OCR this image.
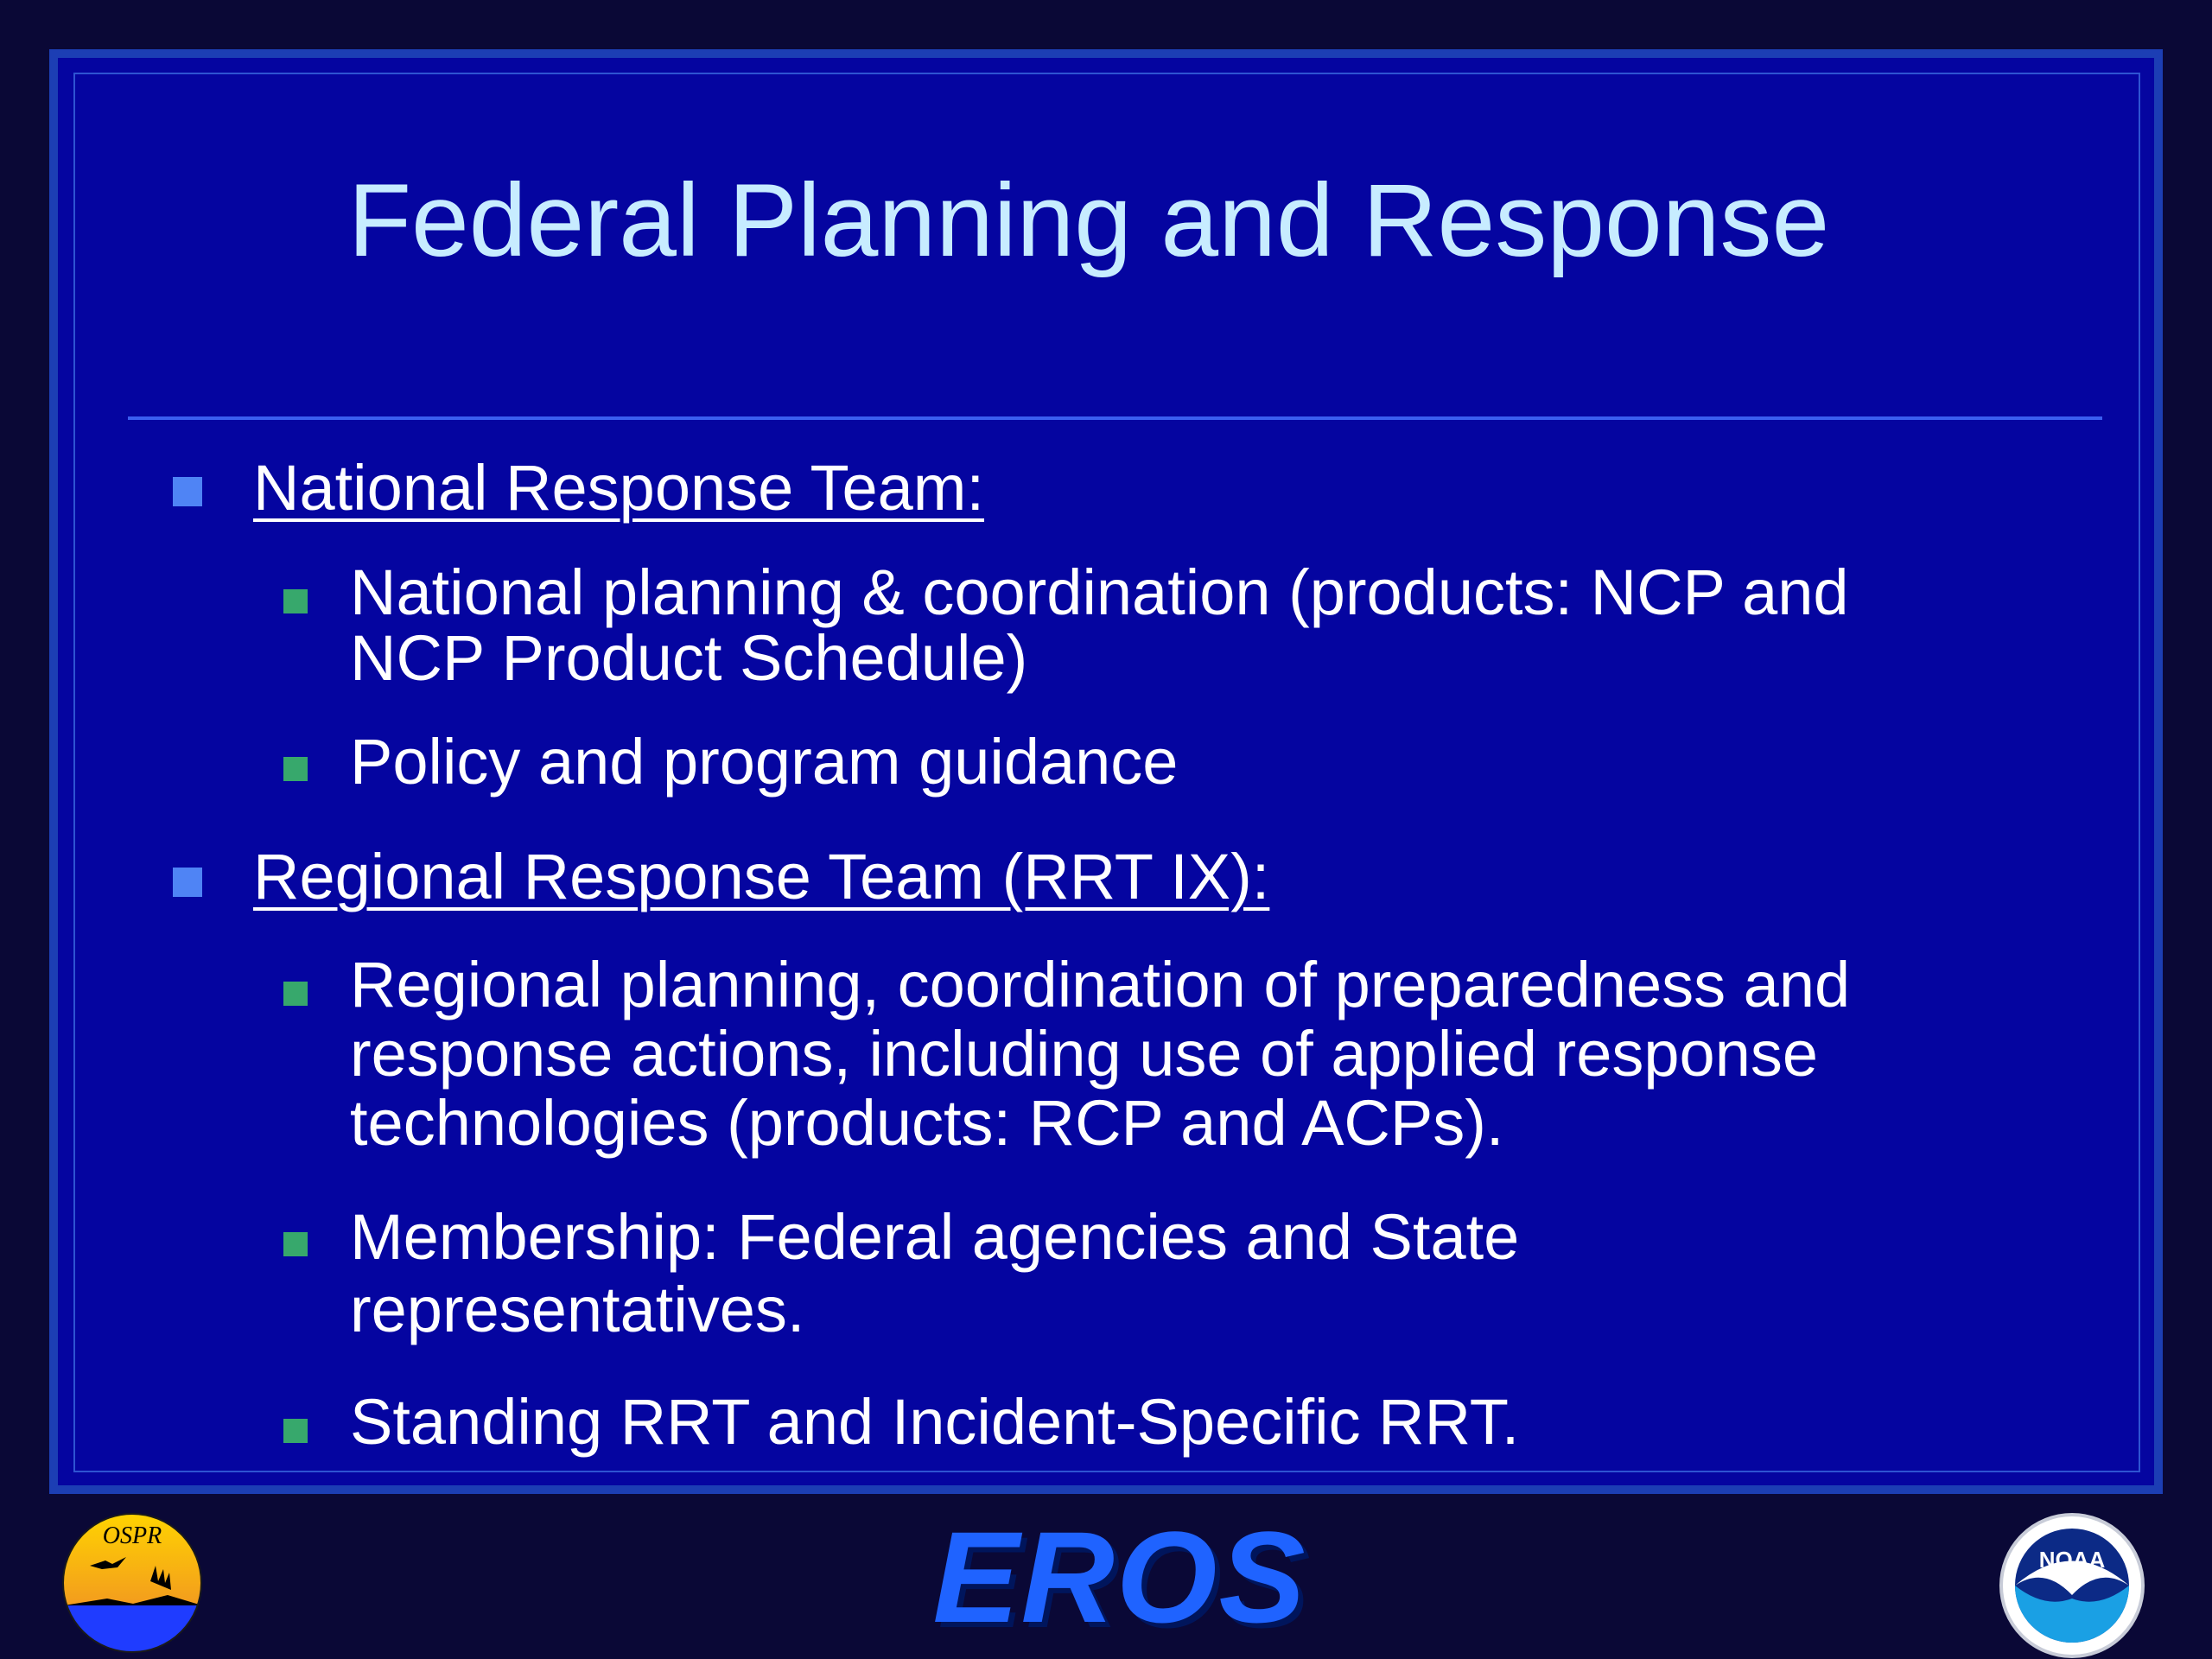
Federal Planning and Response
National Response Team:
National planning & coordination (products: NCP and
NCP Product Schedule)
Policy and program guidance
Regional Response Team (RRT IX):
Regional planning, coordination of preparedness and
response actions, including use of applied response
technologies (products: RCP and ACPs).
Membership: Federal agencies and State
representatives.
Standing RRT and Incident-Specific RRT.
OSPR	EROS	NOAA
